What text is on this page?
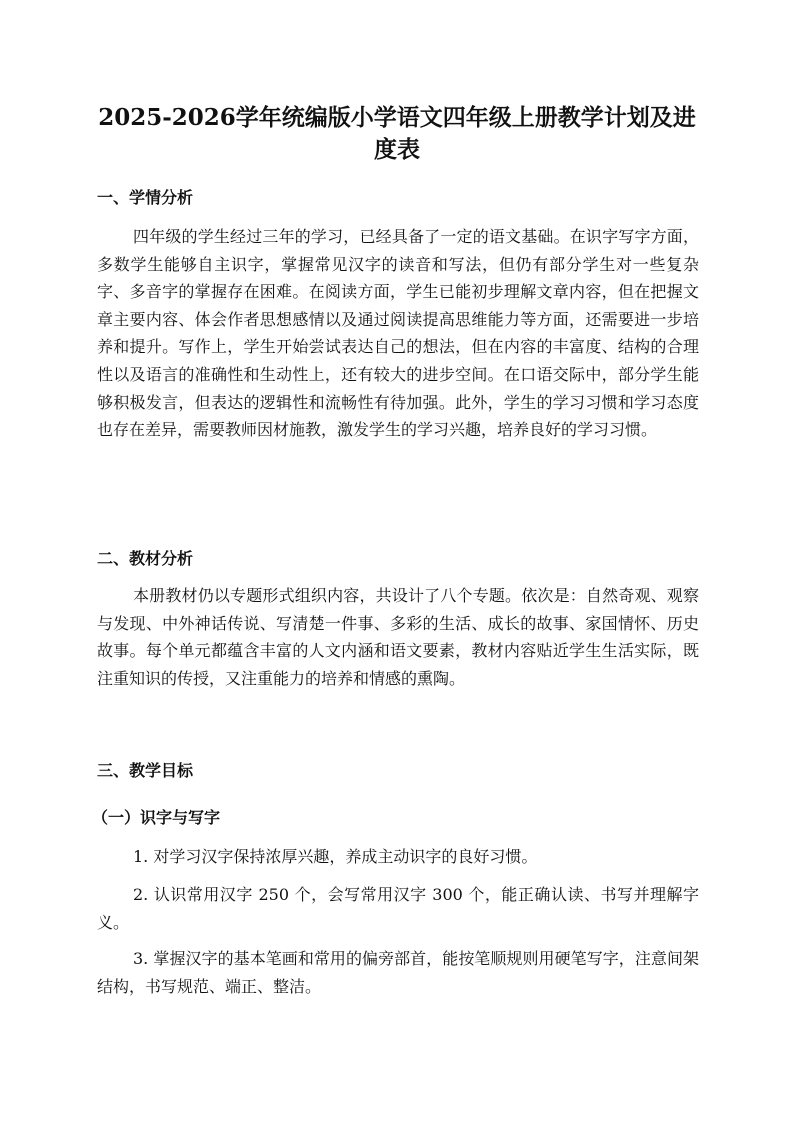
2025-2026学年统编版小学语文四年级上册教学计划及进度表
一、学情分析

四年级的学生经过三年的学习，已经具备了一定的语文基础。在识字写字方面，多数学生能够自主识字，掌握常见汉字的读音和写法，但仍有部分学生对一些复杂字、多音字的掌握存在困难。在阅读方面，学生已能初步理解文章内容，但在把握文章主要内容、体会作者思想感情以及通过阅读提高思维能力等方面，还需要进一步培养和提升。写作上，学生开始尝试表达自己的想法，但在内容的丰富度、结构的合理性以及语言的准确性和生动性上，还有较大的进步空间。在口语交际中，部分学生能够积极发言，但表达的逻辑性和流畅性有待加强。此外，学生的学习习惯和学习态度也存在差异，需要教师因材施教，激发学生的学习兴趣，培养良好的学习习惯。

二、教材分析

本册教材仍以专题形式组织内容，共设计了八个专题。依次是：自然奇观、观察与发现、中外神话传说、写清楚一件事、多彩的生活、成长的故事、家国情怀、历史故事。每个单元都蕴含丰富的人文内涵和语文要素，教材内容贴近学生生活实际，既注重知识的传授，又注重能力的培养和情感的熏陶。

三、教学目标
（一）识字与写字

1. 对学习汉字保持浓厚兴趣，养成主动识字的良好习惯。

2. 认识常用汉字 250 个，会写常用汉字 300 个，能正确认读、书写并理解字义。

3. 掌握汉字的基本笔画和常用的偏旁部首，能按笔顺规则用硬笔写字，注意间架结构，书写规范、端正、整洁。
